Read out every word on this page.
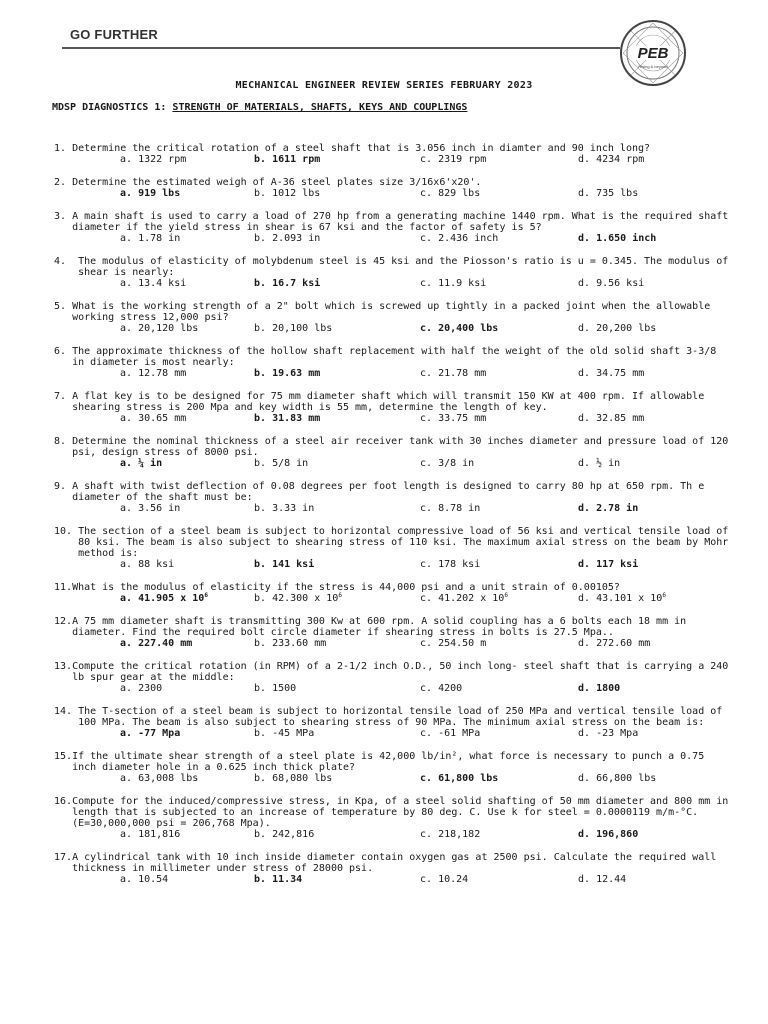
GO FURTHER
PEB
Rising & beyond
MECHANICAL ENGINEER REVIEW SERIES FEBRUARY 2023
MDSP DIAGNOSTICS 1: STRENGTH OF MATERIALS, SHAFTS, KEYS AND COUPLINGS
1. Determine the critical rotation of a steel shaft that is 3.056 inch in diamter and 90 inch long?
a. 1322 rpm	b. 1611 rpm	c. 2319 rpm	d. 4234 rpm
2. Determine the estimated weigh of A-36 steel plates size 3/16x6'x20'.
a. 919 lbs	b. 1012 lbs	c. 829 lbs	d. 735 lbs
3. A main shaft is used to carry a load of 270 hp from a generating machine 1440 rpm. What is the required shaft diameter if the yield stress in shear is 67 ksi and the factor of safety is 5?
a. 1.78 in	b. 2.093 in	c. 2.436 inch	d. 1.650 inch
4. The modulus of elasticity of molybdenum steel is 45 ksi and the Piosson's ratio is u = 0.345. The modulus of shear is nearly:
a. 13.4 ksi	b. 16.7 ksi	c. 11.9 ksi	d. 9.56 ksi
5. What is the working strength of a 2" bolt which is screwed up tightly in a packed joint when the allowable working stress 12,000 psi?
a. 20,120 lbs	b. 20,100 lbs	c. 20,400 lbs	d. 20,200 lbs
6. The approximate thickness of the hollow shaft replacement with half the weight of the old solid shaft 3-3/8 in diameter is most nearly:
a. 12.78 mm	b. 19.63 mm	c. 21.78 mm	d. 34.75 mm
7. A flat key is to be designed for 75 mm diameter shaft which will transmit 150 KW at 400 rpm. If allowable shearing stress is 200 Mpa and key width is 55 mm, determine the length of key.
a. 30.65 mm	b. 31.83 mm	c. 33.75 mm	d. 32.85 mm
8. Determine the nominal thickness of a steel air receiver tank with 30 inches diameter and pressure load of 120 psi, design stress of 8000 psi.
a. ¼ in	b. 5/8 in	c. 3/8 in	d. ½ in
9. A shaft with twist deflection of 0.08 degrees per foot length is designed to carry 80 hp at 650 rpm. Th e diameter of the shaft must be:
a. 3.56 in	b. 3.33 in	c. 8.78 in	d. 2.78 in
10. The section of a steel beam is subject to horizontal compressive load of 56 ksi and vertical tensile load of 80 ksi. The beam is also subject to shearing stress of 110 ksi. The maximum axial stress on the beam by Mohr method is:
a. 88 ksi	b. 141 ksi	c. 178 ksi	d. 117 ksi
11. What is the modulus of elasticity if the stress is 44,000 psi and a unit strain of 0.00105?
a. 41.905 x $10^6$	b. 42.300 x $10^6$	c. 41.202 x $10^6$	d. 43.101 x $10^6$
12. A 75 mm diameter shaft is transmitting 300 Kw at 600 rpm. A solid coupling has a 6 bolts each 18 mm in diameter. Find the required bolt circle diameter if shearing stress in bolts is 27.5 Mpa..
a. 227.40 mm	b. 233.60 mm	c. 254.50 m	d. 272.60 mm
13. Compute the critical rotation (in RPM) of a 2-1/2 inch O.D., 50 inch long- steel shaft that is carrying a 240 lb spur gear at the middle:
a. 2300	b. 1500	c. 4200	d. 1800
14. The T-section of a steel beam is subject to horizontal tensile load of 250 MPa and vertical tensile load of 100 MPa. The beam is also subject to shearing stress of 90 MPa. The minimum axial stress on the beam is:
a. -77 Mpa	b. -45 MPa	c. -61 MPa	d. -23 Mpa
15. If the ultimate shear strength of a steel plate is 42,000 lb/in², what force is necessary to punch a 0.75 inch diameter hole in a 0.625 inch thick plate?
a. 63,008 lbs	b. 68,080 lbs	c. 61,800 lbs	d. 66,800 lbs
16. Compute for the induced/compressive stress, in Kpa, of a steel solid shafting of 50 mm diameter and 800 mm in length that is subjected to an increase of temperature by 80 deg. C. Use k for steel = 0.0000119 m/m-°C. (E=30,000,000 psi = 206,768 Mpa).
a. 181,816	b. 242,816	c. 218,182	d. 196,860
17. A cylindrical tank with 10 inch inside diameter contain oxygen gas at 2500 psi. Calculate the required wall thickness in millimeter under stress of 28000 psi.
a. 10.54	b. 11.34	c. 10.24	d. 12.44
